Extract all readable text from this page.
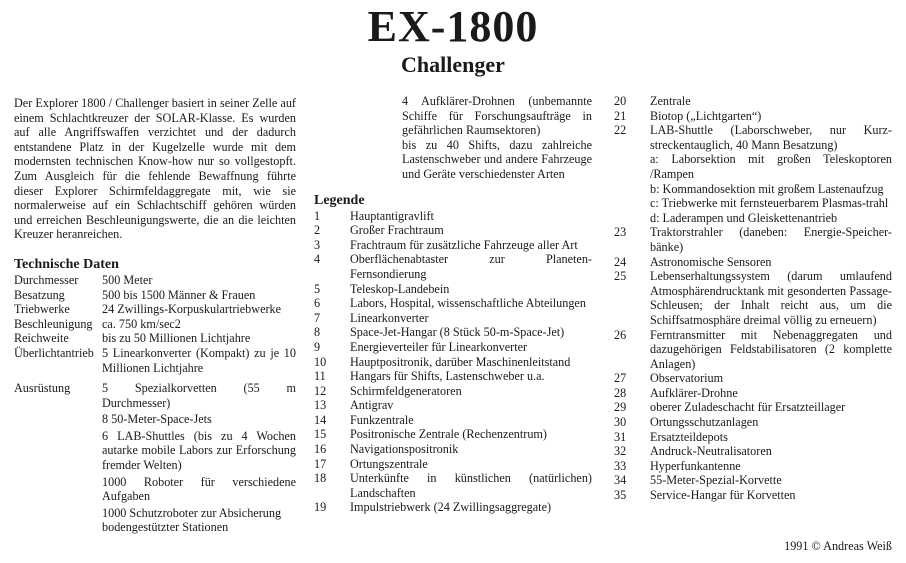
EX-1800
Challenger
Der Explorer 1800 / Challenger basiert in seiner Zelle auf einem Schlachtkreuzer der SOLAR-Klasse. Es wurden auf alle Angriffswaffen verzichtet und der dadurch entstandene Platz in der Kugelzelle wurde mit dem modernsten technischen Know-how nur so vollgestopft. Zum Ausgleich für die fehlende Bewaffnung führte dieser Explorer Schirmfeldaggregate mit, wie sie normalerweise auf ein Schlachtschiff gehören würden und erreichen Beschleunigungswerte, die an die leichten Kreuzer heranreichen.
Technische Daten
Durchmesser	500 Meter
Besatzung	500 bis 1500 Männer & Frauen
Triebwerke	24 Zwillings-Korpuskulartriebwerke
Beschleunigung ca. 750 km/sec2
Reichweite	bis zu 50 Millionen Lichtjahre
Überlichtantrieb 5 Linearkonverter (Kompakt) zu je 10 Millionen Lichtjahre
Ausrüstung	5 Spezialkorvetten (55 m Durchmesser)
8 50-Meter-Space-Jets
6 LAB-Shuttles (bis zu 4 Wochen autarke mobile Labors zur Erforschung fremder Welten)
1000 Roboter für verschiedene Aufgaben
1000 Schutzroboter zur Absicherung bodengestützter Stationen
4 Aufklärer-Drohnen (unbemannte Schiffe für Forschungsaufträge in gefährlichen Raumsektoren)
bis zu 40 Shifts, dazu zahlreiche Lastenschweber und andere Fahrzeuge und Geräte verschiedenster Arten
Legende
1	Hauptantigravlift
2	Großer Frachtraum
3	Frachtraum für zusätzliche Fahrzeuge aller Art
4	Oberflächenabtaster zur Planeten-Fernsondierung
5	Teleskop-Landebein
6	Labors, Hospital, wissenschaftliche Abteilungen
7	Linearkonverter
8	Space-Jet-Hangar (8 Stück 50-m-Space-Jet)
9	Energieverteiler für Linearkonverter
10	Hauptpositronik, darüber Maschinenleitstand
11	Hangars für Shifts, Lastenschweber u.a.
12	Schirmfeldgeneratoren
13	Antigrav
14	Funkzentrale
15	Positronische Zentrale (Rechenzentrum)
16	Navigationspositronik
17	Ortungszentrale
18	Unterkünfte in künstlichen (natürlichen) Landschaften
19	Impulstriebwerk (24 Zwillingsaggregate)
20	Zentrale
21	Biotop („Lichtgarten“)
22	LAB-Shuttle (Laborschweber, nur Kurz-streckentauglich, 40 Mann Besatzung)
a: Laborsektion mit großen Teleskoptoren /Rampen
b: Kommandosektion mit großem Lastenaufzug
c: Triebwerke mit fernsteuerbarem Plasmas-trahl
d: Laderampen und Gleiskettenantrieb
23	Traktorstrahler (daneben: Energie-Speicher-bänke)
24	Astronomische Sensoren
25	Lebenserhaltungssystem (darum umlaufend Atmosphärendrucktank mit gesonderten Passage-Schleusen; der Inhalt reicht aus, um die Schiffsatmosphäre dreimal völlig zu erneuern)
26	Ferntransmitter mit Nebenaggregaten und dazugehörigen Feldstabilisatoren (2 komplette Anlagen)
27	Observatorium
28	Aufklärer-Drohne
29	oberer Zuladeschacht für Ersatzteillager
30	Ortungsschutzanlagen
31	Ersatzteildepots
32	Andruck-Neutralisatoren
33	Hyperfunkantenne
34	55-Meter-Spezial-Korvette
35	Service-Hangar für Korvetten
1991 © Andreas Weiß
